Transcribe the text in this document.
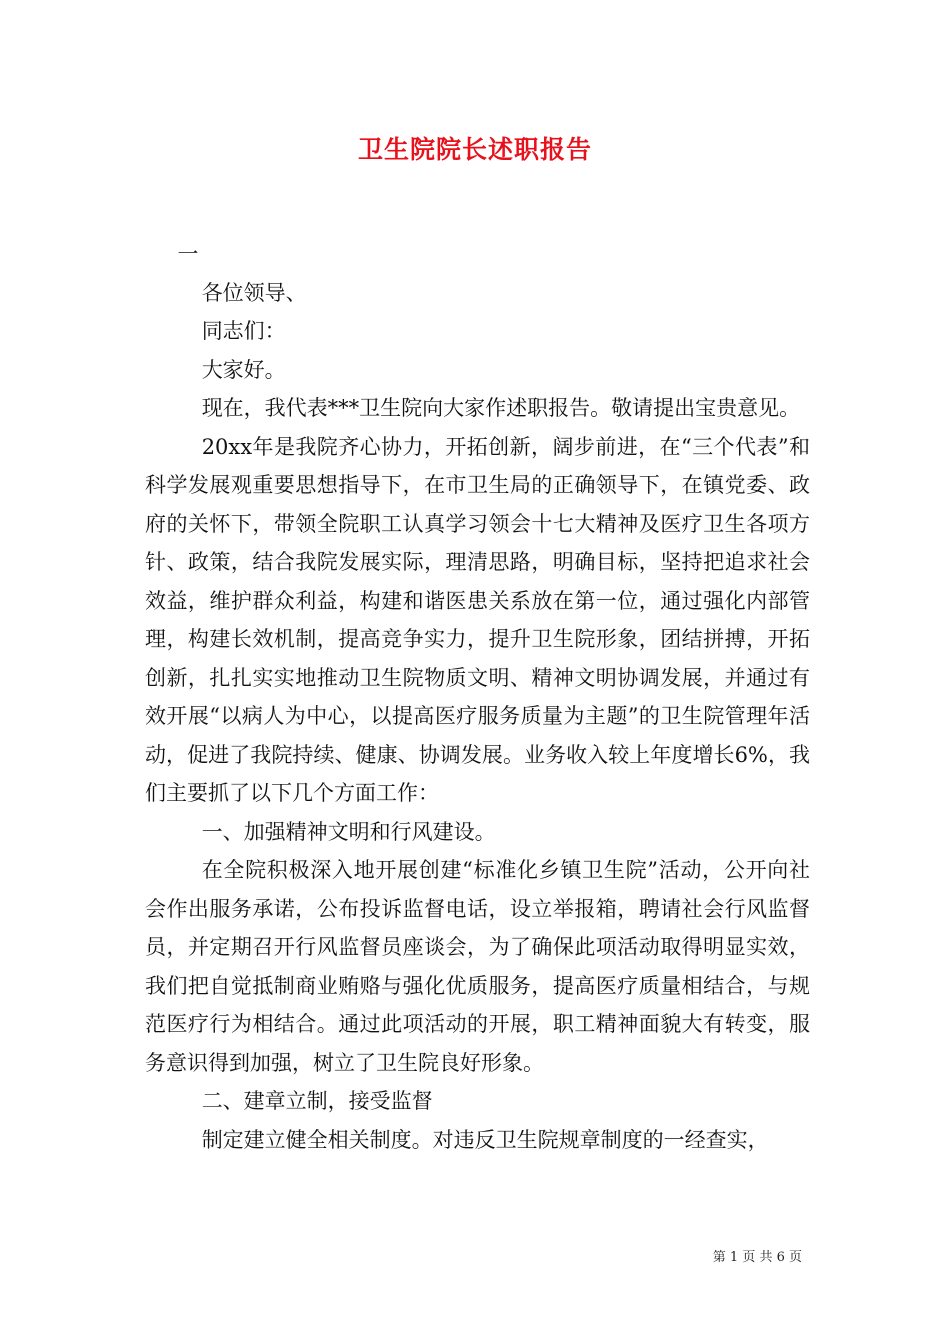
卫生院院长述职报告

一

各位领导、

同志们：

大家好。

现在，我代表***卫生院向大家作述职报告。敬请提出宝贵意见。

20xx年是我院齐心协力，开拓创新，阔步前进，在“三个代表”和科学发展观重要思想指导下，在市卫生局的正确领导下，在镇党委、政府的关怀下，带领全院职工认真学习领会十七大精神及医疗卫生各项方针、政策，结合我院发展实际，理清思路，明确目标，坚持把追求社会效益，维护群众利益，构建和谐医患关系放在第一位，通过强化内部管理，构建长效机制，提高竞争实力，提升卫生院形象，团结拼搏，开拓创新，扎扎实实地推动卫生院物质文明、精神文明协调发展，并通过有效开展“以病人为中心，以提高医疗服务质量为主题”的卫生院管理年活动，促进了我院持续、健康、协调发展。业务收入较上年度增长6%，我们主要抓了以下几个方面工作：

一、加强精神文明和行风建设。

在全院积极深入地开展创建“标准化乡镇卫生院”活动，公开向社会作出服务承诺，公布投诉监督电话，设立举报箱，聘请社会行风监督员，并定期召开行风监督员座谈会，为了确保此项活动取得明显实效，我们把自觉抵制商业贿赂与强化优质服务，提高医疗质量相结合，与规范医疗行为相结合。通过此项活动的开展，职工精神面貌大有转变，服务意识得到加强，树立了卫生院良好形象。

二、建章立制，接受监督

制定建立健全相关制度。对违反卫生院规章制度的一经查实，

第 1 页 共 6 页
